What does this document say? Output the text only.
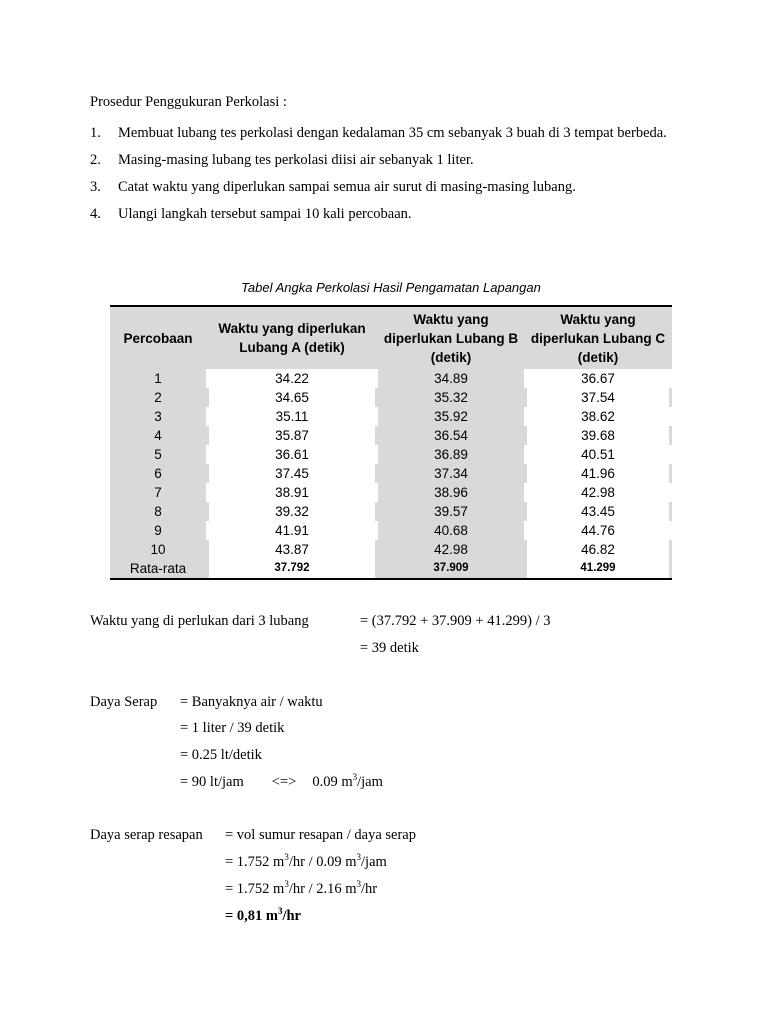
Prosedur Penggukuran Perkolasi :
1. Membuat lubang tes perkolasi dengan kedalaman 35 cm sebanyak 3 buah di 3 tempat berbeda.
2. Masing-masing lubang tes perkolasi diisi air sebanyak 1 liter.
3. Catat waktu yang diperlukan sampai semua air surut di masing-masing lubang.
4. Ulangi langkah tersebut sampai 10 kali percobaan.
Tabel Angka Perkolasi Hasil Pengamatan Lapangan
Percobaan	Waktu yang diperlukan Lubang A (detik)	Waktu yang diperlukan Lubang B (detik)	Waktu yang diperlukan Lubang C (detik)
1	34.22	34.89	36.67
2	34.65	35.32	37.54
3	35.11	35.92	38.62
4	35.87	36.54	39.68
5	36.61	36.89	40.51
6	37.45	37.34	41.96
7	38.91	38.96	42.98
8	39.32	39.57	43.45
9	41.91	40.68	44.76
10	43.87	42.98	46.82
Rata-rata	37.792	37.909	41.299
Waktu yang di perlukan dari 3 lubang	= (37.792 + 37.909 + 41.299) / 3
= 39 detik
Daya Serap = Banyaknya air / waktu
= 1 liter / 39 detik
= 0.25 lt/detik
= 90 lt/jam <=> 0.09 $m^3$/jam
Daya serap resapan = vol sumur resapan / daya serap
= 1.752 $m^3/hr / 0.09$ $m^3$/jam
= 1.752 $m^3/hr / 2.16$ $m^3/hr$
= 0,81 $m^3/hr$
